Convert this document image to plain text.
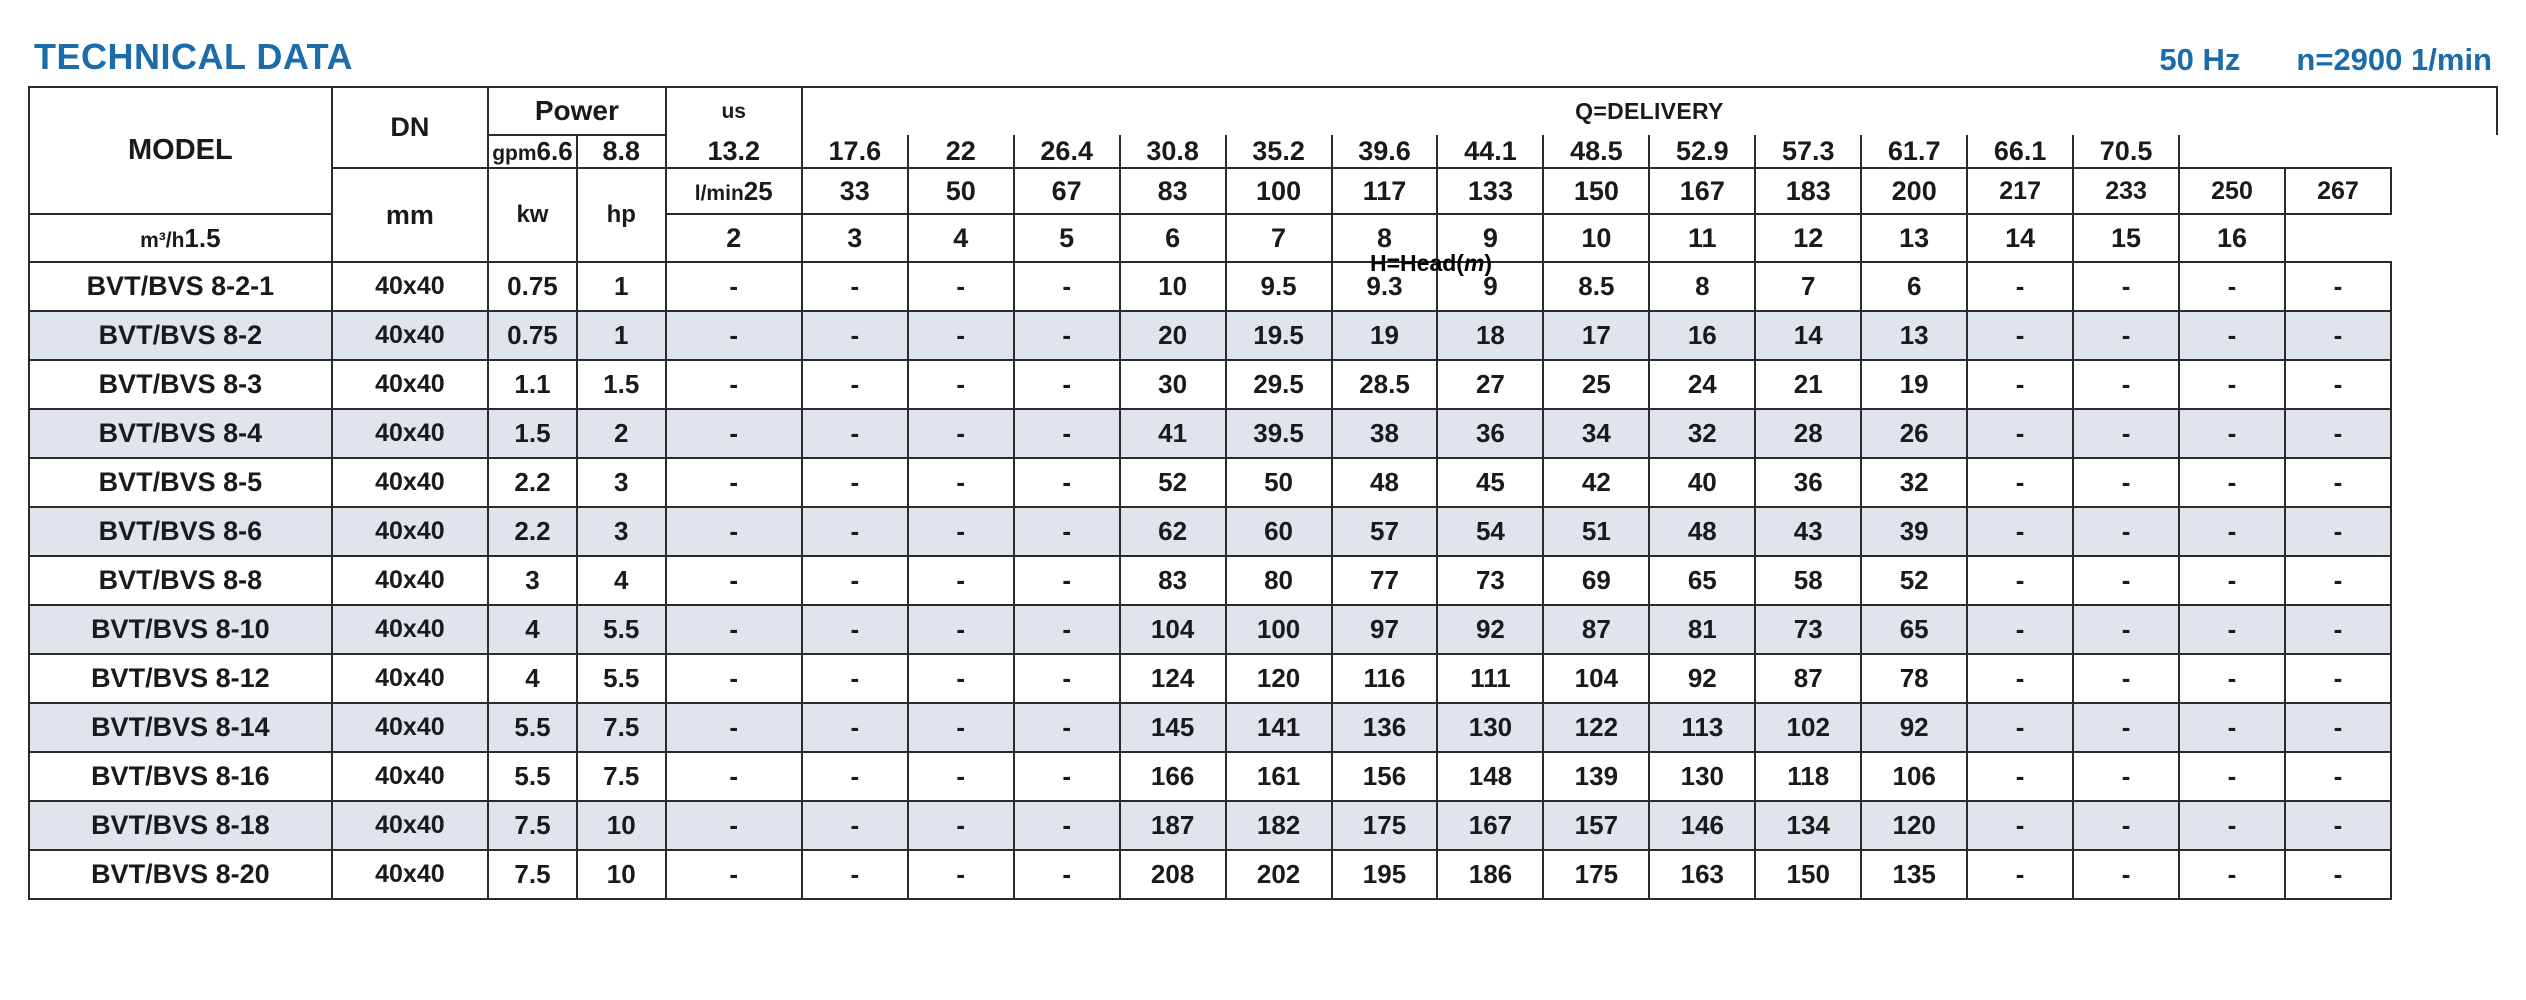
TECHNICAL DATA	50 Hz n=2900 1/min
MODEL	DN	Power		us	Q=DELIVERY														
		gpm6.6	8.8	13.2	17.6	22	26.4	30.8	35.2	39.6	44.1	48.5	52.9	57.3	61.7	66.1	70.5		
	mm	kw	hp	l/min25	33	50	67	83	100	117	133	150	167	183	200	217	233	250	267
m³/h1.5				2	3	4	5	6	7	8	9	10	11	12	13	14	15	16	
BVT/BVS 8-2-1	40x40	0.75	1	-	-	-	-	10	9.5	9.3	9	8.5	8	7	6	-	-	-	-
BVT/BVS 8-2	40x40	0.75	1	-	-	-	-	20	19.5	19	18	17	16	14	13	-	-	-	-
BVT/BVS 8-3	40x40	1.1	1.5	-	-	-	-	30	29.5	28.5	27	25	24	21	19	-	-	-	-
BVT/BVS 8-4	40x40	1.5	2	-	-	-	-	41	39.5	38	36	34	32	28	26	-	-	-	-
BVT/BVS 8-5	40x40	2.2	3	-	-	-	-	52	50	48	45	42	40	36	32	-	-	-	-
BVT/BVS 8-6	40x40	2.2	3	-	-	-	-	62	60	57	54	51	48	43	39	-	-	-	-
BVT/BVS 8-8	40x40	3	4	-	-	-	-	83	80	77	73	69	65	58	52	-	-	-	-
BVT/BVS 8-10	40x40	4	5.5	-	-	-	-	104	100	97	92	87	81	73	65	-	-	-	-
BVT/BVS 8-12	40x40	4	5.5	-	-	-	-	124	120	116	111	104	92	87	78	-	-	-	-
BVT/BVS 8-14	40x40	5.5	7.5	-	-	-	-	145	141	136	130	122	113	102	92	-	-	-	-
BVT/BVS 8-16	40x40	5.5	7.5	-	-	-	-	166	161	156	148	139	130	118	106	-	-	-	-
BVT/BVS 8-18	40x40	7.5	10	-	-	-	-	187	182	175	167	157	146	134	120	-	-	-	-
BVT/BVS 8-20	40x40	7.5	10	-	-	-	-	208	202	195	186	175	163	150	135	-	-	-	-
H=Head(m)
